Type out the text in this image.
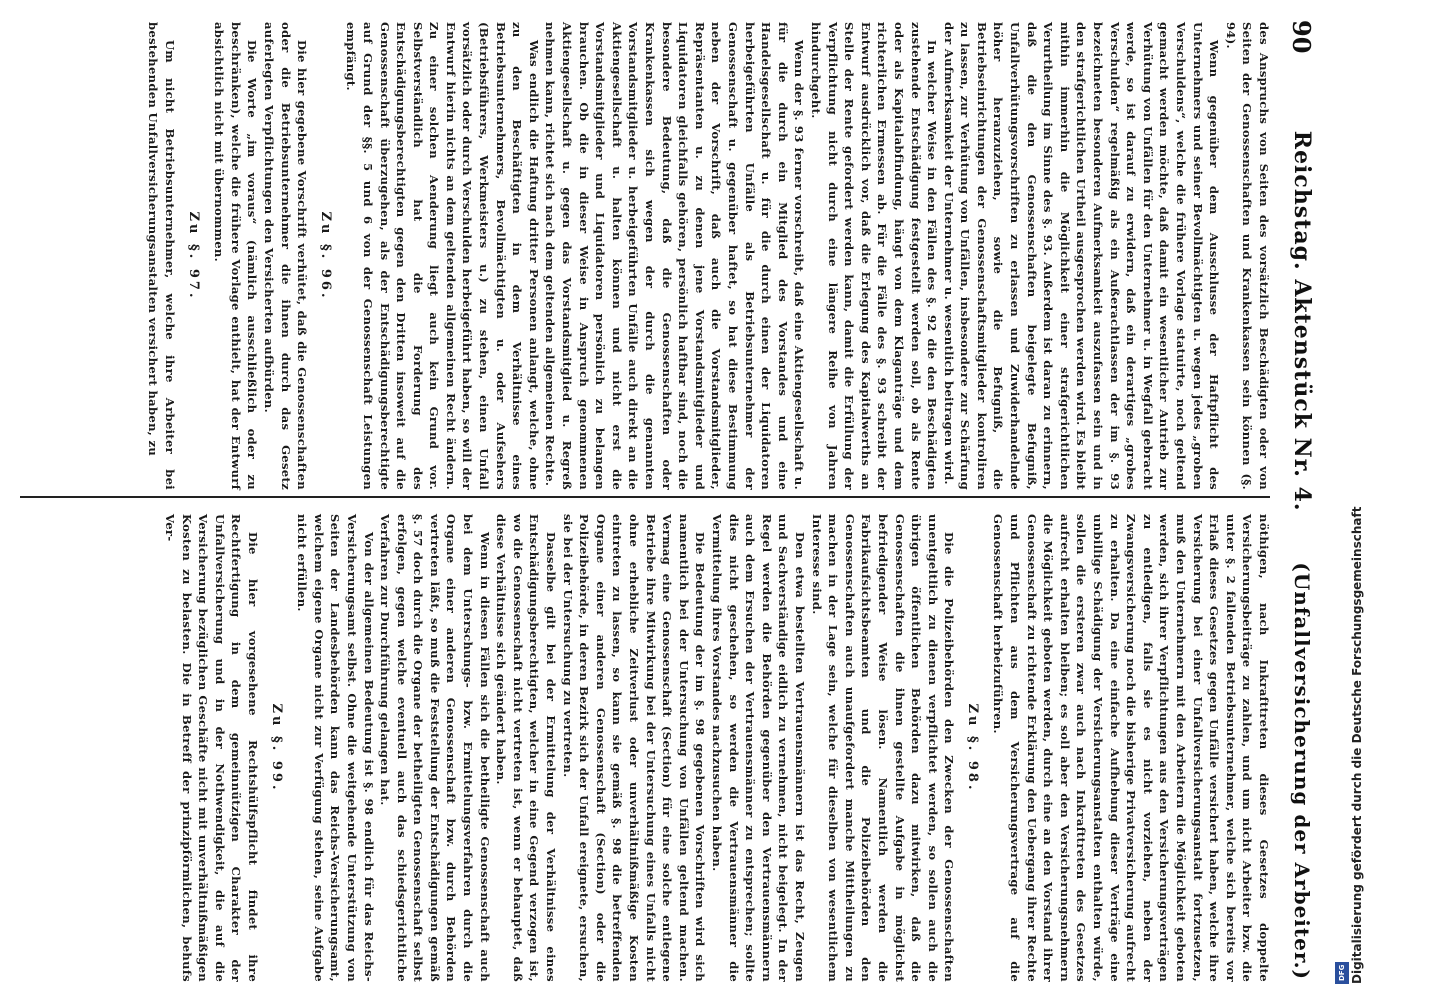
90
Reichstag. Aktenstück Nr. 4.
(Unfallversicherung der Arbeiter.)

des Anspruchs von Seiten des vorsätzlich Beschädigten oder von Seiten der Genossenschaften und Krankenkassen sein können (§. 94).

Wenn gegenüber dem Ausschlusse der Haftpflicht des Unternehmers und seiner Bevollmächtigten u. wegen jedes „groben Verschuldens“, welche die frühere Vorlage statuirte, noch geltend gemacht werden möchte, daß damit ein wesentlicher Antrieb zur Verhütung von Unfällen für den Unternehmer u. in Wegfall gebracht werde, so ist darauf zu erwidern, daß ein derartiges „grobes Verschulden“ regelmäßig als ein Außerachtlassen der im §. 93 bezeichneten besonderen Aufmerksamkeit auszufassen sein und in den strafgerichtlichen Urtheil ausgesprochen werden wird. Es bleibt mithin immerhin die Möglichkeit einer strafgerichtlichen Verurtheilung im Sinne des §. 93. Außerdem ist daran zu erinnern, daß die den Genossenschaften beigelegte Befugniß, Unfallverhütungsvorschriften zu erlassen und Zuwiderhandelnde höher heranzuziehen, sowie die Befugniß, die Betriebseinrichtungen der Genossenschaftsmitglieder kontroliren zu lassen, zur Verhütung von Unfällen, insbesondere zur Schärfung der Aufmerksamkeit der Unternehmer u. wesentlich beitragen wird.

In welcher Weise in den Fällen des §. 92 die den Beschädigten zustehende Entschädigung festgestellt werden soll, ob als Rente oder als Kapitalabfindung, hängt von dem Klaganträge und dem richterlichen Ermessen ab. Für die Fälle des §. 93 schreibt der Entwurf ausdrücklich vor, daß die Erlegung des Kapitalwerths an Stelle der Rente gefordert werden kann, damit die Erfüllung der Verpflichtung nicht durch eine längere Reihe von Jahren hindurchgeht.

Wenn der §. 93 ferner vorschreibt, daß eine Aktiengesellschaft u. für die durch ein Mitglied des Vorstandes und eine Handelsgesellschaft u. für die durch einen der Liquidatoren herbeigeführten Unfälle als Betriebsunternehmer der Genossenschaft u. gegenüber haftet, so hat diese Bestimmung neben der Vorschrift, daß auch die Vorstandsmitglieder, Repräsentanten u. zu denen jene Vorstandsmitglieder und Liquidatoren gleichfalls gehören, persönlich haftbar sind, noch die besondere Bedeutung, daß die Genossenschaften oder Krankenkassen sich wegen der durch die genannten Vorstandsmitglieder u. herbeigeführten Unfälle auch direkt an die Aktiengesellschaft u. halten können und nicht erst die Vorstandsmitglieder und Liquidatoren persönlich zu belangen brauchen. Ob die in dieser Weise in Anspruch genommenen Aktiengesellschaft u. gegen das Vorstandsmitglied u. Regreß nehmen kann, richtet sich nach dem geltenden allgemeinen Rechte.

Was endlich die Haftung dritter Personen anlangt, welche, ohne zu den Beschäftigten in dem Verhältnisse eines Betriebsunternehmers, Bevollmächtigten u. oder Aufsehers (Betriebsführers, Werkmeisters u.) zu stehen, einen Unfall vorsätzlich oder durch Verschulden herbeigeführt haben, so will der Entwurf hierin nichts an dem geltenden allgemeinen Recht ändern. Zu einer solchen Aenderung liegt auch kein Grund vor. Selbstverständlich hat die Forderung des Entschädigungsberechtigten gegen den Dritten insoweit auf die Genossenschaft überzugehen, als der Entschädigungsberechtigte auf Grund der §§. 5 und 6 von der Genossenschaft Leistungen empfängt.

Zu §. 96.

Die hier gegebene Vorschrift verhütet, daß die Genossenschaften oder die Betriebsunternehmer die ihnen durch das Gesetz auferlegten Verpflichtungen den Versicherten aufbürden.

Die Worte „im voraus“ (nämlich ausschließlich oder zu beschränken), welche die frühere Vorlage enthielt, hat der Entwurf absichtlich nicht mit übernommen.

Zu §. 97.

Um nicht Betriebsunternehmer, welche ihre Arbeiter bei bestehenden Unfallversicherungsanstalten versichert haben, zu

nöthigen, nach Inkrafttreten dieses Gesetzes doppelte Versicherungsbeiträge zu zahlen, und um nicht Arbeiter bzw. die unter §. 2 fallenden Betriebsunternehmer, welche sich bereits vor Erlaß dieses Gesetzes gegen Unfälle versichert haben, welche ihre Versicherung bei einer Unfallversicherungsanstalt fortzusetzen, muß den Unternehmern mit den Arbeitern die Möglichkeit geboten werden, sich ihrer Verpflichtungen aus den Versicherungsverträgen zu entledigen, falls sie es nicht vorziehen, neben der Zwangsversicherung noch die bisherige Privatversicherung aufrecht zu erhalten. Da eine einfache Aufhebung dieser Verträge eine unbillige Schädigung der Versicherungsanstalten enthalten würde, sollen die ersteren zwar auch nach Inkrafttreten des Gesetzes aufrecht erhalten bleiben; es soll aber den Versicherungsnehmern die Möglichkeit geboten werden, durch eine an den Vorstand ihrer Genossenschaft zu richtende Erklärung den Uebergang ihrer Rechte und Pflichten aus dem Versicherungsvertrage auf die Genossenschaft herbeizuführen.

Zu §. 98.

Die die Polizeibehörden den Zwecken der Genossenschaften unentgeltlich zu dienen verpflichtet werden, so sollen auch die übrigen öffentlichen Behörden dazu mitwirken, daß die Genossenschaften die ihnen gestellte Aufgabe in möglichst befriedigender Weise lösen. Namentlich werden die Fabrikaufsichtsbeamten und die Polizeibehörden den Genossenschaften auch unaufgefordert manche Mittheilungen zu machen in der Lage sein, welche für dieselben von wesentlichem Interesse sind.

Den etwa bestellten Vertrauensmännern ist das Recht, Zeugen und Sachverständige eidlich zu vernehmen, nicht beigelegt. In der Regel werden die Behörden gegenüber den Vertrauensmännern auch dem Ersuchen der Vertrauensmänner zu entsprechen; sollte dies nicht geschehen, so werden die Vertrauensmänner die Vermittelung ihres Vorstandes nachzusuchen haben.

Die Bedeutung der im §. 98 gegebenen Vorschriften wird sich namentlich bei der Untersuchung von Unfällen geltend machen. Vermag eine Genossenschaft (Section) für eine solche entlegene Betriebe ihre Mitwirkung bei der Untersuchung eines Unfalls nicht ohne erhebliche Zeitverlust oder unverhältnißmäßige Kosten eintreten zu lassen, so kann sie gemäß §. 98 die betreffenden Organe einer anderen Genossenschaft (Section) oder die Polizeibehörde, in deren Bezirk sich der Unfall ereignete, ersuchen, sie bei der Untersuchung zu vertreten.

Dasselbe gilt bei der Ermittelung der Verhältnisse eines Entschädigungsberechtigten, welcher in eine Gegend verzogen ist, wo die Genossenschaft nicht vertreten ist, wenn er behauptet, daß diese Verhältnisse sich geändert haben.

Wenn in diesen Fällen sich die betheiligte Genossenschaft auch bei dem Unterschungs- bzw. Ermittelungsverfahren durch die Organe einer anderen Genossenschaft bzw. durch Behörden vertreten läßt, so muß die Feststellung der Entschädigungen gemäß §. 57 doch durch die Organe der betheiligten Genossenschaft selbst erfolgen, gegen welche eventuell auch das schiedsgerichtliche Verfahren zur Durchführung gelangen hat.

Von der allgemeinen Bedeutung ist §. 98 endlich für das Reichs-Versicherungsamt selbst. Ohne die weitgehende Unterstützung von Seiten der Landesbehörden kann das Reichs-Versicherungsamt, welchem eigene Organe nicht zur Verfügung stehen, seine Aufgabe nicht erfüllen.

Zu §. 99.

Die hier vorgesehene Rechtshülfspflicht findet ihre Rechtfertigung in dem gemeinnützigen Charakter der Unfallversicherung und in der Nothwendigkeit, die auf die Versicherung bezüglichen Geschäfte nicht mit unverhältnißmäßigen Kosten zu belasten. Die in Betreff der prinzipförmlichen, behufs Ver-

DFG Digitalisierung gefördert durch die Deutsche Forschungsgemeinschaft
